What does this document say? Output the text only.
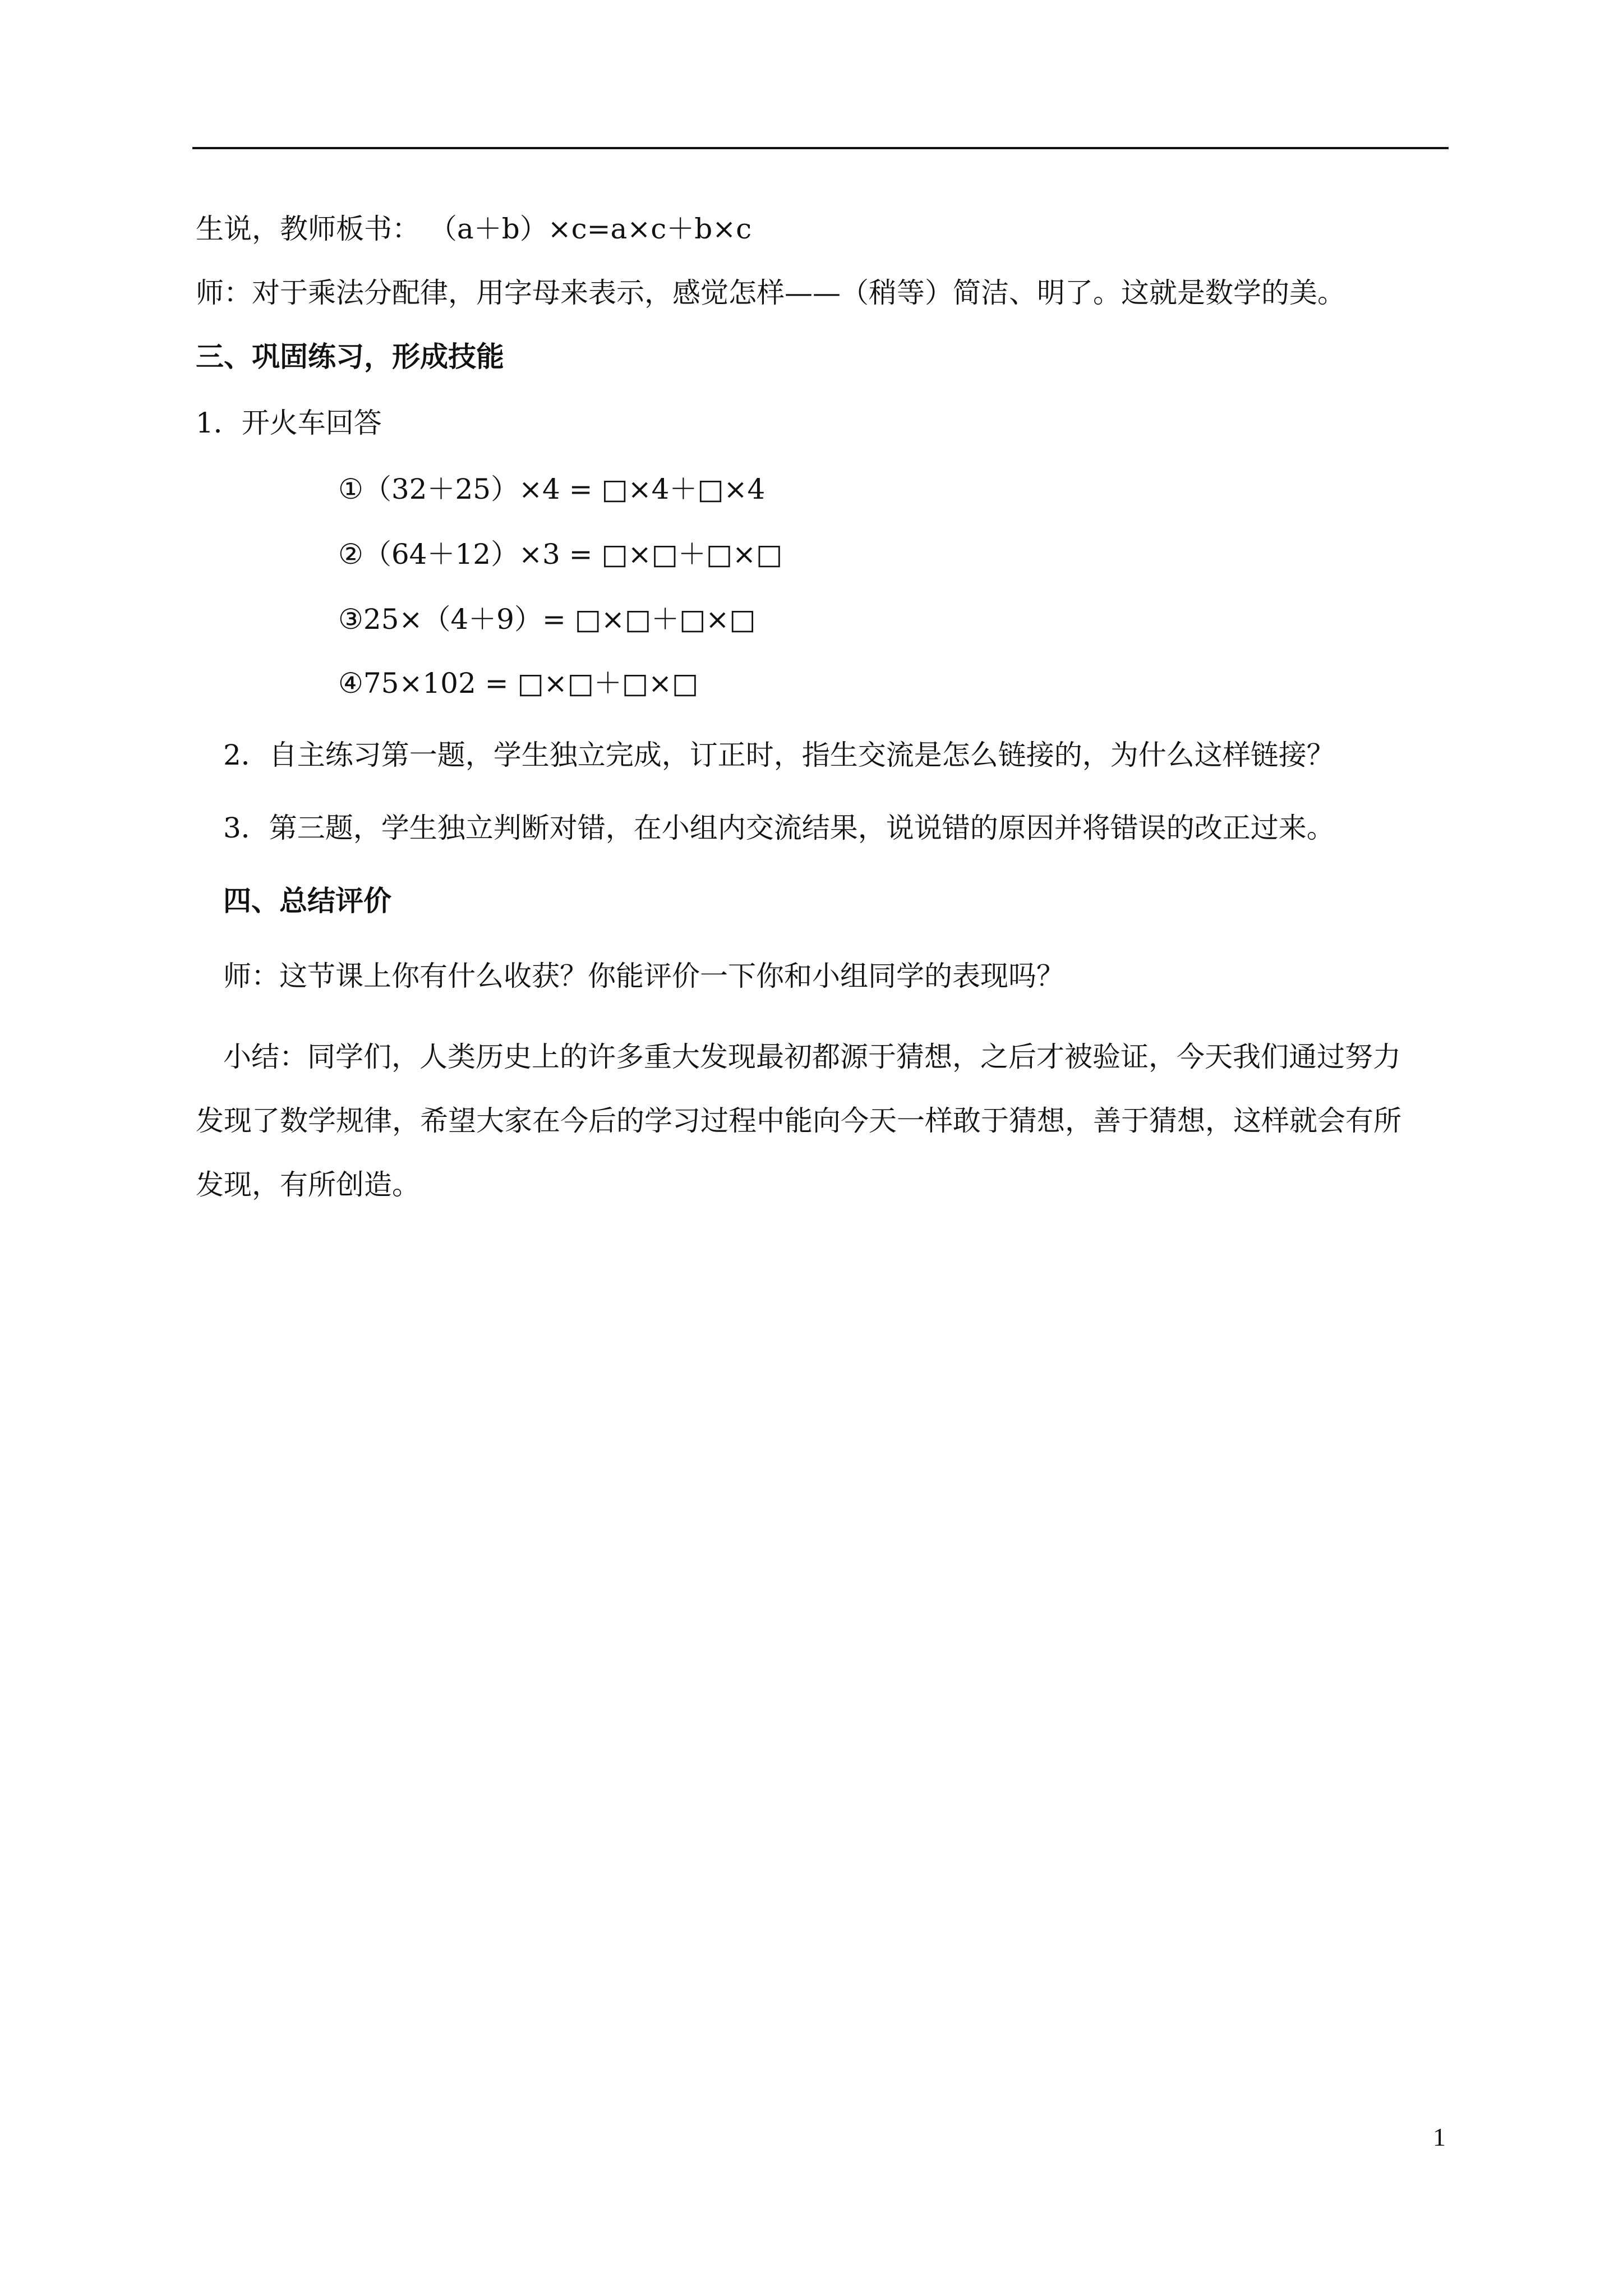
生说，教师板书： （a＋b）×c=a×c＋b×c
师：对于乘法分配律，用字母来表示，感觉怎样——（稍等）简洁、明了。这就是数学的美。
三、巩固练习，形成技能
1．开火车回答
①（32＋25）×4 = □×4＋□×4
②（64＋12）×3 = □×□＋□×□
③25×（4＋9）= □×□＋□×□
④75×102 = □×□＋□×□
2．自主练习第一题，学生独立完成，订正时，指生交流是怎么链接的，为什么这样链接？
3．第三题，学生独立判断对错，在小组内交流结果，说说错的原因并将错误的改正过来。
四、总结评价
师：这节课上你有什么收获？你能评价一下你和小组同学的表现吗？
小结：同学们，人类历史上的许多重大发现最初都源于猜想，之后才被验证，今天我们通过努力
发现了数学规律，希望大家在今后的学习过程中能向今天一样敢于猜想，善于猜想，这样就会有所
发现，有所创造。
1
